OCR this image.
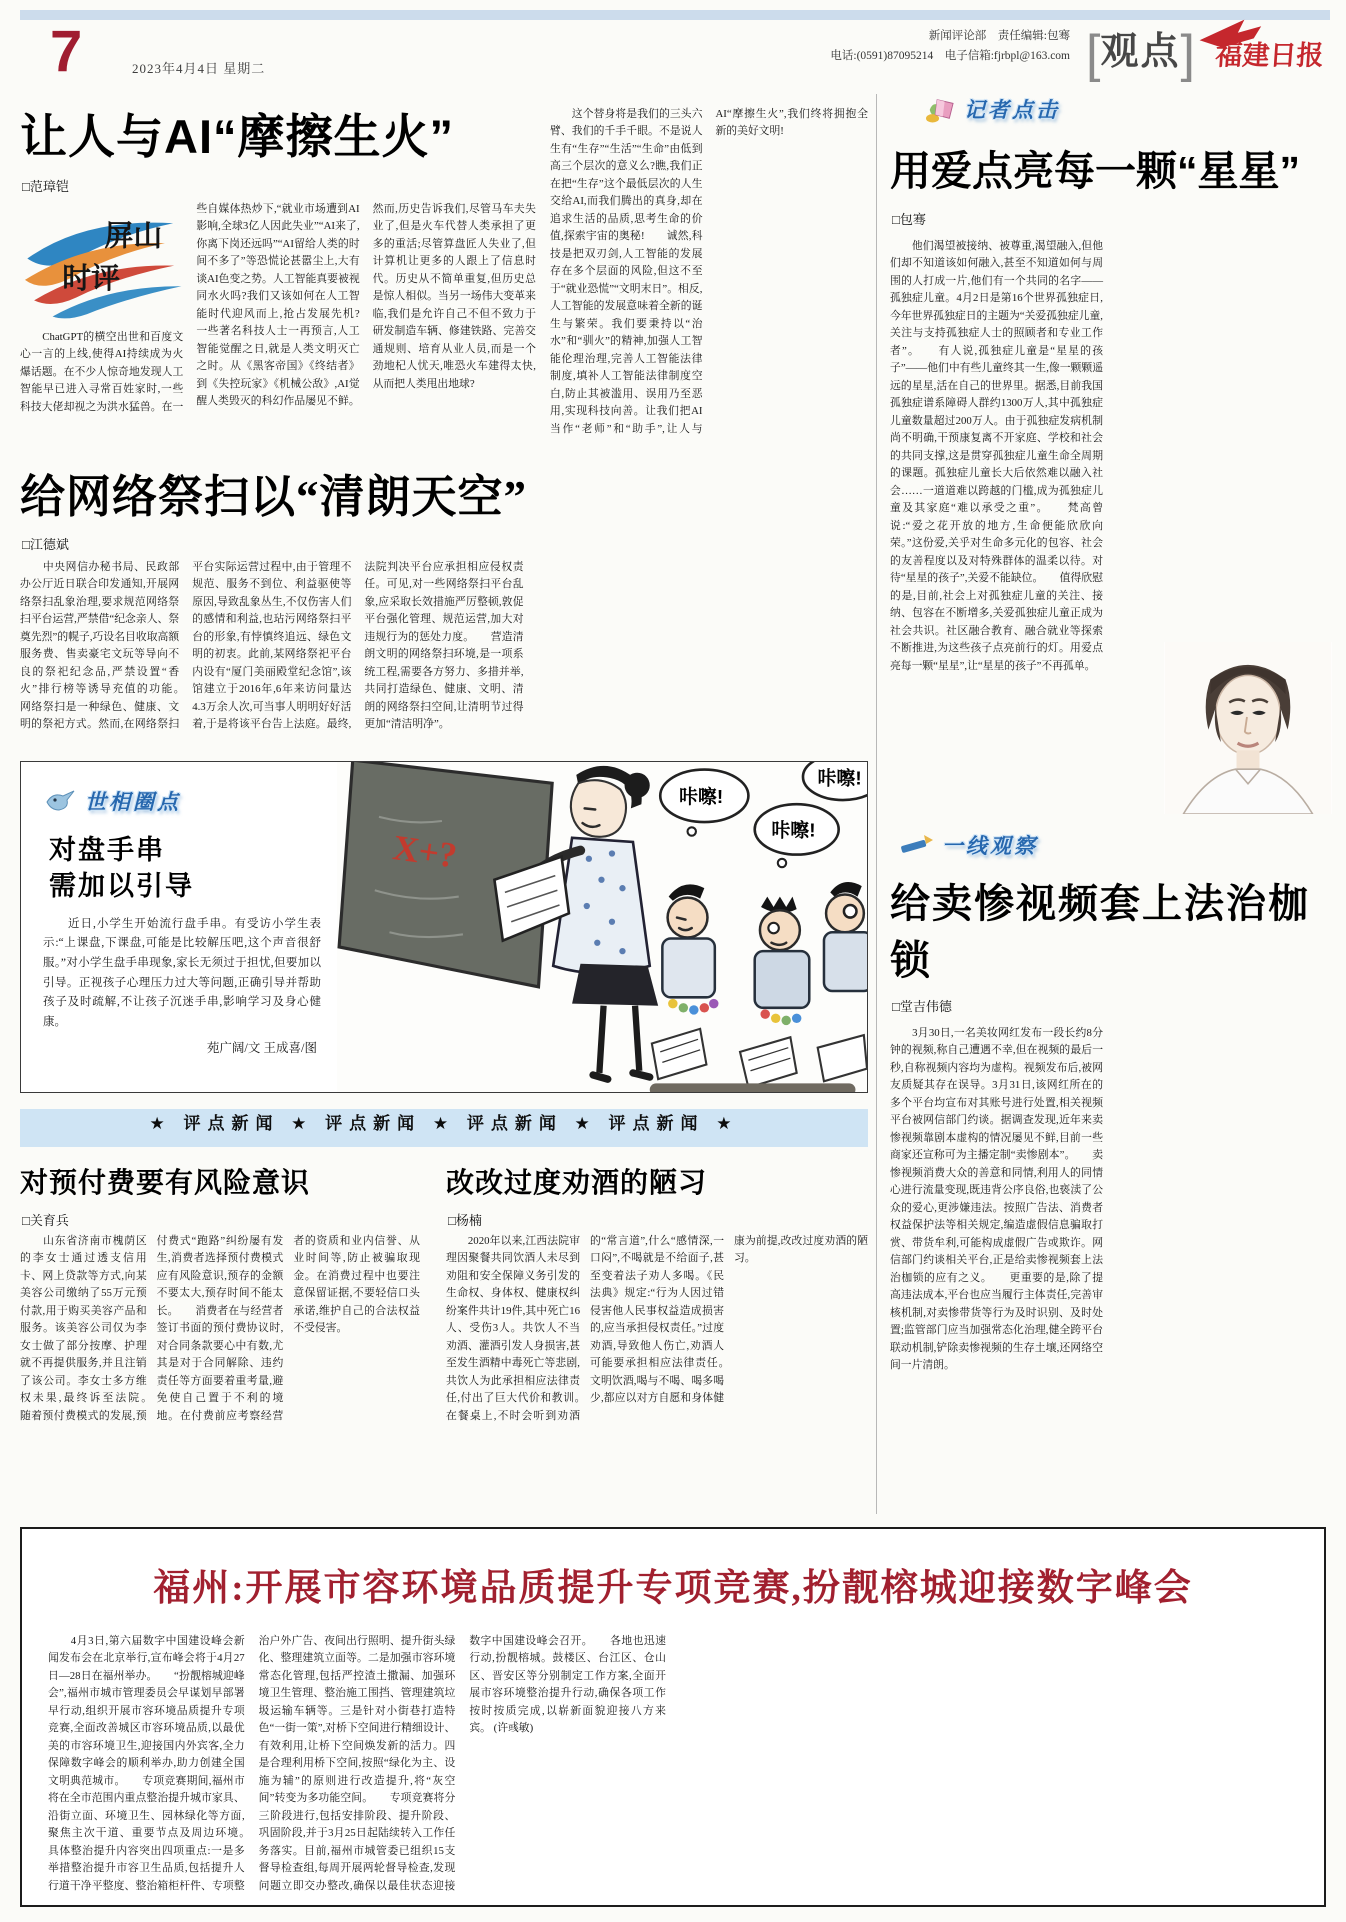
7	2023年4月4日 星期二
新闻评论部　责任编辑:包骞
电话:(0591)87095214　电子信箱:fjrbpl@163.com [观点] 福建日报
让人与AI“摩擦生火”
□范璋铠
屏山
时评
　　ChatGPT的横空出世和百度文心一言的上线,使得AI持续成为火爆话题。在不少人惊奇地发现人工智能早已进入寻常百姓家时,一些科技大佬却视之为洪水猛兽。在一些自媒体热炒下,“就业市场遭到AI影响,全球3亿人因此失业”“AI来了,你离下岗还远吗”“AI留给人类的时间不多了”等恐慌论甚嚣尘上,大有谈AI色变之势。人工智能真要被视同水火吗?我们又该如何在人工智能时代迎风而上,抢占发展先机?　　一些著名科技人士一再预言,人工智能觉醒之日,就是人类文明灭亡之时。从《黑客帝国》《终结者》到《失控玩家》《机械公敌》,AI觉醒人类毁灭的科幻作品屡见不鲜。然而,历史告诉我们,尽管马车夫失业了,但是火车代替人类承担了更多的重活;尽管算盘匠人失业了,但计算机让更多的人跟上了信息时代。历史从不简单重复,但历史总是惊人相似。当另一场伟大变革来临,我们是允许自己不但不致力于研发制造车辆、修建铁路、完善交通规则、培育从业人员,而是一个劲地杞人忧天,唯恐火车建得太快,从而把人类甩出地球?
　　这个替身将是我们的三头六臂、我们的千手千眼。不是说人生有“生存”“生活”“生命”由低到高三个层次的意义么?瞧,我们正在把“生存”这个最低层次的人生交给AI,而我们腾出的真身,却在追求生活的品质,思考生命的价值,探索宇宙的奥秘!　　诚然,科技是把双刃剑,人工智能的发展存在多个层面的风险,但这不至于“就业恐慌”“文明末日”。相反,人工智能的发展意味着全新的诞生与繁荣。我们要秉持以“治水”和“驯火”的精神,加强人工智能伦理治理,完善人工智能法律制度,填补人工智能法律制度空白,防止其被滥用、误用乃至恶用,实现科技向善。让我们把AI当作“老师”和“助手”,让人与AI“摩擦生火”,我们终将拥抱全新的美好文明!
给网络祭扫以“清朗天空”
□江德斌
　　中央网信办秘书局、民政部办公厅近日联合印发通知,开展网络祭扫乱象治理,要求规范网络祭扫平台运营,严禁借“纪念亲人、祭奠先烈”的幌子,巧设名目收取高额服务费、售卖豪宅文玩等导向不良的祭祀纪念品,严禁设置“香火”排行榜等诱导充值的功能。　　网络祭扫是一种绿色、健康、文明的祭祀方式。然而,在网络祭扫平台实际运营过程中,由于管理不规范、服务不到位、利益驱使等原因,导致乱象丛生,不仅伤害人们的感情和利益,也玷污网络祭扫平台的形象,有悖慎终追远、绿色文明的初衷。此前,某网络祭祀平台内设有“厦门美丽殿堂纪念馆”,该馆建立于2016年,6年来访问量达4.3万余人次,可当事人明明好好活着,于是将该平台告上法庭。最终,法院判决平台应承担相应侵权责任。可见,对一些网络祭扫平台乱象,应采取长效措施严厉整顿,敦促平台强化管理、规范运营,加大对违规行为的惩处力度。　　营造清朗文明的网络祭扫环境,是一项系统工程,需要各方努力、多措并举,共同打造绿色、健康、文明、清朗的网络祭扫空间,让清明节过得更加“清洁明净”。
世相圈点
对盘手串
需加以引导
　　近日,小学生开始流行盘手串。有受访小学生表示:“上课盘,下课盘,可能是比较解压吧,这个声音很舒服。”对小学生盘手串现象,家长无须过于担忧,但要加以引导。正视孩子心理压力过大等问题,正确引导并帮助孩子及时疏解,不让孩子沉迷手串,影响学习及身心健康。
苑广阔/文 王成喜/图
X+?
咔嚓!
咔嚓!
咔嚓!
★ 评点新闻 ★ 评点新闻 ★ 评点新闻 ★ 评点新闻 ★
对预付费要有风险意识
□关育兵
　　山东省济南市槐荫区的李女士通过透支信用卡、网上贷款等方式,向某美容公司缴纳了55万元预付款,用于购买美容产品和服务。该美容公司仅为李女士做了部分按摩、护理就不再提供服务,并且注销了该公司。李女士多方维权未果,最终诉至法院。　　随着预付费模式的发展,预付费式“跑路”纠纷屡有发生,消费者选择预付费模式应有风险意识,预存的金额不要太大,预存时间不能太长。　　消费者在与经营者签订书面的预付费协议时,对合同条款要心中有数,尤其是对于合同解除、违约责任等方面要着重考量,避免使自己置于不利的境地。在付费前应考察经营者的资质和业内信誉、从业时间等,防止被骗取现金。在消费过程中也要注意保留证据,不要轻信口头承诺,维护自己的合法权益不受侵害。
改改过度劝酒的陋习
□杨楠
　　2020年以来,江西法院审理因聚餐共同饮酒人未尽到劝阻和安全保障义务引发的生命权、身体权、健康权纠纷案件共计19件,其中死亡16人、受伤3人。共饮人不当劝酒、灌酒引发人身损害,甚至发生酒精中毒死亡等悲剧,共饮人为此承担相应法律责任,付出了巨大代价和教训。　　在餐桌上,不时会听到劝酒的“常言道”,什么“感情深,一口闷”,不喝就是不给面子,甚至变着法子劝人多喝。《民法典》规定:“行为人因过错侵害他人民事权益造成损害的,应当承担侵权责任。”过度劝酒,导致他人伤亡,劝酒人可能要承担相应法律责任。　　文明饮酒,喝与不喝、喝多喝少,都应以对方自愿和身体健康为前提,改改过度劝酒的陋习。
记者点击
用爱点亮每一颗“星星”
□包骞
　　他们渴望被接纳、被尊重,渴望融入,但他们却不知道该如何融入,甚至不知道如何与周围的人打成一片,他们有一个共同的名字——孤独症儿童。4月2日是第16个世界孤独症日,今年世界孤独症日的主题为“关爱孤独症儿童,关注与支持孤独症人士的照顾者和专业工作者”。　　有人说,孤独症儿童是“星星的孩子”——他们中有些儿童终其一生,像一颗颗遥远的星星,活在自己的世界里。据悉,目前我国孤独症谱系障碍人群约1300万人,其中孤独症儿童数量超过200万人。由于孤独症发病机制尚不明确,干预康复离不开家庭、学校和社会的共同支撑,这是贯穿孤独症儿童生命全周期的课题。孤独症儿童长大后依然难以融入社会……一道道难以跨越的门槛,成为孤独症儿童及其家庭“难以承受之重”。　　梵高曾说:“爱之花开放的地方,生命便能欣欣向荣。”这份爱,关乎对生命多元化的包容、社会的友善程度以及对特殊群体的温柔以待。对待“星星的孩子”,关爱不能缺位。　　值得欣慰的是,目前,社会上对孤独症儿童的关注、接纳、包容在不断增多,关爱孤独症儿童正成为社会共识。社区融合教育、融合就业等探索不断推进,为这些孩子点亮前行的灯。用爱点亮每一颗“星星”,让“星星的孩子”不再孤单。
一线观察
给卖惨视频套上法治枷锁
□堂吉伟德
　　3月30日,一名美妆网红发布一段长约8分钟的视频,称自己遭遇不幸,但在视频的最后一秒,自称视频内容均为虚构。视频发布后,被网友质疑其存在误导。3月31日,该网红所在的多个平台均宣布对其账号进行处置,相关视频平台被网信部门约谈。据调查发现,近年来卖惨视频靠剧本虚构的情况屡见不鲜,目前一些商家还宣称可为主播定制“卖惨剧本”。　　卖惨视频消费大众的善意和同情,利用人的同情心进行流量变现,既违背公序良俗,也亵渎了公众的爱心,更涉嫌违法。按照广告法、消费者权益保护法等相关规定,编造虚假信息骗取打赏、带货牟利,可能构成虚假广告或欺诈。网信部门约谈相关平台,正是给卖惨视频套上法治枷锁的应有之义。　　更重要的是,除了提高违法成本,平台也应当履行主体责任,完善审核机制,对卖惨带货等行为及时识别、及时处置;监管部门应当加强常态化治理,健全跨平台联动机制,铲除卖惨视频的生存土壤,还网络空间一片清朗。
福州:开展市容环境品质提升专项竞赛,扮靓榕城迎接数字峰会
　　4月3日,第六届数字中国建设峰会新闻发布会在北京举行,宣布峰会将于4月27日—28日在福州举办。　　“扮靓榕城迎峰会”,福州市城市管理委员会早谋划早部署早行动,组织开展市容环境品质提升专项竞赛,全面改善城区市容环境品质,以最优美的市容环境卫生,迎接国内外宾客,全力保障数字峰会的顺利举办,助力创建全国文明典范城市。　　专项竞赛期间,福州市将在全市范围内重点整治提升城市家具、沿街立面、环境卫生、园林绿化等方面,聚焦主次干道、重要节点及周边环境。　　具体整治提升内容突出四项重点:一是多举措整治提升市容卫生品质,包括提升人行道干净平整度、整治箱柜杆件、专项整治户外广告、夜间出行照明、提升街头绿化、整理建筑立面等。二是加强市容环境常态化管理,包括严控渣土撒漏、加强环境卫生管理、整治施工围挡、管理建筑垃圾运输车辆等。三是针对小街巷打造特色“一街一策”,对桥下空间进行精细设计、有效利用,让桥下空间焕发新的活力。四是合理利用桥下空间,按照“绿化为主、设施为辅”的原则进行改造提升,将“灰空间”转变为多功能空间。　　专项竞赛将分三阶段进行,包括安排阶段、提升阶段、巩固阶段,并于3月25日起陆续转入工作任务落实。目前,福州市城管委已组织15支督导检查组,每周开展两轮督导检查,发现问题立即交办整改,确保以最佳状态迎接数字中国建设峰会召开。　　各地也迅速行动,扮靓榕城。鼓楼区、台江区、仓山区、晋安区等分别制定工作方案,全面开展市容环境整治提升行动,确保各项工作按时按质完成,以崭新面貌迎接八方来宾。 (许彧敏)
